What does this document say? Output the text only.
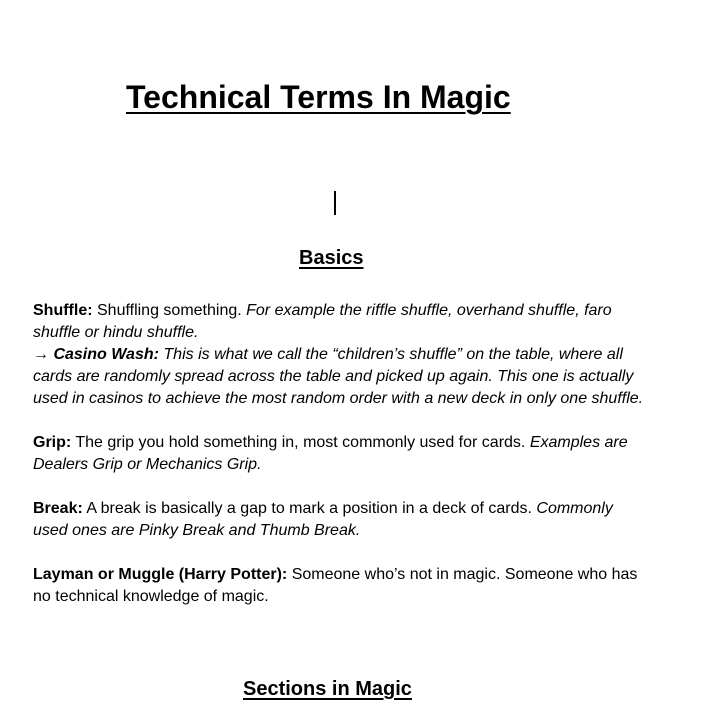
Technical Terms In Magic
Basics

Shuffle: Shuffling something. For example the riffle shuffle, overhand shuffle, faro shuffle or hindu shuffle.

→ Casino Wash: This is what we call the “children’s shuffle” on the table, where all cards are randomly spread across the table and picked up again. This one is actually used in casinos to achieve the most random order with a new deck in only one shuffle.

Grip: The grip you hold something in, most commonly used for cards. Examples are Dealers Grip or Mechanics Grip.

Break: A break is basically a gap to mark a position in a deck of cards. Commonly used ones are Pinky Break and Thumb Break.

Layman or Muggle (Harry Potter): Someone who’s not in magic. Someone who has no technical knowledge of magic.

Sections in Magic
